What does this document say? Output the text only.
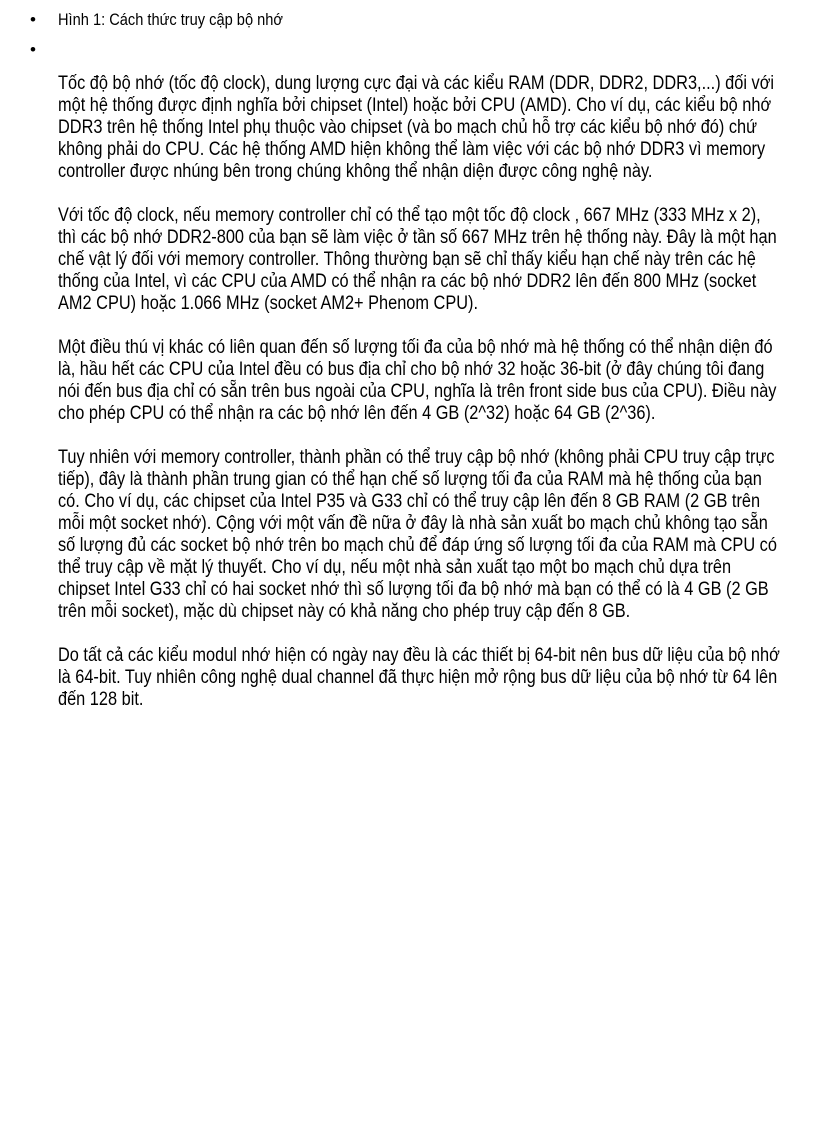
• Hình 1: Cách thức truy cập bộ nhớ
•

Tốc độ bộ nhớ (tốc độ clock), dung lượng cực đại và các kiểu RAM (DDR, DDR2, DDR3,...) đối với
một hệ thống được định nghĩa bởi chipset (Intel) hoặc bởi CPU (AMD). Cho ví dụ, các kiểu bộ nhớ
DDR3 trên hệ thống Intel phụ thuộc vào chipset (và bo mạch chủ hỗ trợ các kiểu bộ nhớ đó) chứ
không phải do CPU. Các hệ thống AMD hiện không thể làm việc với các bộ nhớ DDR3 vì memory
controller được nhúng bên trong chúng không thể nhận diện được công nghệ này.

Với tốc độ clock, nếu memory controller chỉ có thể tạo một tốc độ clock , 667 MHz (333 MHz x 2),
thì các bộ nhớ DDR2-800 của bạn sẽ làm việc ở tần số 667 MHz trên hệ thống này. Đây là một hạn
chế vật lý đối với memory controller. Thông thường bạn sẽ chỉ thấy kiểu hạn chế này trên các hệ
thống của Intel, vì các CPU của AMD có thể nhận ra các bộ nhớ DDR2 lên đến 800 MHz (socket
AM2 CPU) hoặc 1.066 MHz (socket AM2+ Phenom CPU).

Một điều thú vị khác có liên quan đến số lượng tối đa của bộ nhớ mà hệ thống có thể nhận diện đó
là, hầu hết các CPU của Intel đều có bus địa chỉ cho bộ nhớ 32 hoặc 36-bit (ở đây chúng tôi đang
nói đến bus địa chỉ có sẵn trên bus ngoài của CPU, nghĩa là trên front side bus của CPU). Điều này
cho phép CPU có thể nhận ra các bộ nhớ lên đến 4 GB (2^32) hoặc 64 GB (2^36).

Tuy nhiên với memory controller, thành phần có thể truy cập bộ nhớ (không phải CPU truy cập trực
tiếp), đây là thành phần trung gian có thể hạn chế số lượng tối đa của RAM mà hệ thống của bạn
có. Cho ví dụ, các chipset của Intel P35 và G33 chỉ có thể truy cập lên đến 8 GB RAM (2 GB trên
mỗi một socket nhớ). Cộng với một vấn đề nữa ở đây là nhà sản xuất bo mạch chủ không tạo sẵn
số lượng đủ các socket bộ nhớ trên bo mạch chủ để đáp ứng số lượng tối đa của RAM mà CPU có
thể truy cập về mặt lý thuyết. Cho ví dụ, nếu một nhà sản xuất tạo một bo mạch chủ dựa trên
chipset Intel G33 chỉ có hai socket nhớ thì số lượng tối đa bộ nhớ mà bạn có thể có là 4 GB (2 GB
trên mỗi socket), mặc dù chipset này có khả năng cho phép truy cập đến 8 GB.

Do tất cả các kiểu modul nhớ hiện có ngày nay đều là các thiết bị 64-bit nên bus dữ liệu của bộ nhớ
là 64-bit. Tuy nhiên công nghệ dual channel đã thực hiện mở rộng bus dữ liệu của bộ nhớ từ 64 lên
đến 128 bit.
